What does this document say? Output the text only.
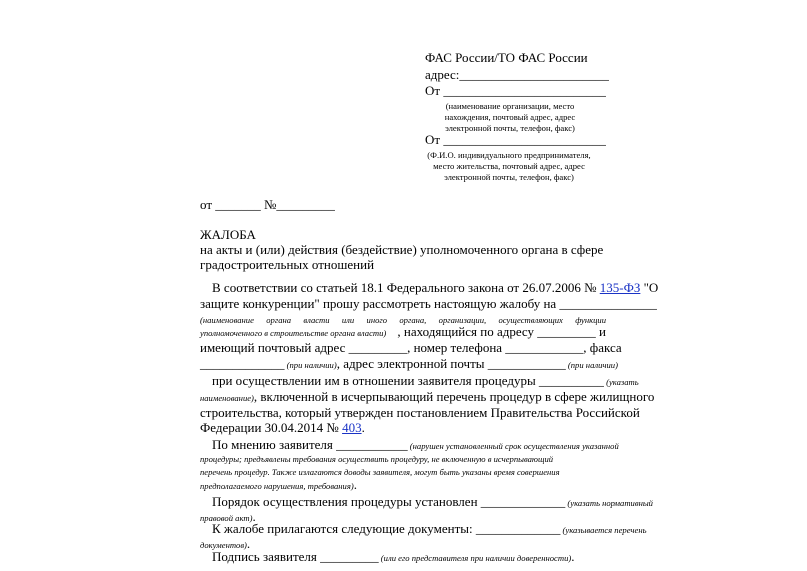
ФАС России/ТО ФАС России
адрес:_______________________
От _________________________
(наименование организации, место
нахождения, почтовый адрес, адрес
электронной почты, телефон, факс)
От _________________________
(Ф.И.О. индивидуального предпринимателя,
место жительства, почтовый адрес, адрес
электронной почты, телефон, факс)
от _______ №_________
ЖАЛОБА
на акты и (или) действия (бездействие) уполномоченного органа в сфере
градостроительных отношений
В соответствии со статьей 18.1 Федерального закона от 26.07.2006 № 135-ФЗ "О
защите конкуренции" прошу рассмотреть настоящую жалобу на _______________
(наименование органа власти или иного органа, организации, осуществляющих функции
уполномоченного в строительстве органа власти) , находящийся по адресу _________ и
имеющий почтовый адрес _________, номер телефона ____________, факса
_____________ (при наличии), адрес электронной почты ____________ (при наличии)
при осуществлении им в отношении заявителя процедуры __________ (указать
наименование), включенной в исчерпывающий перечень процедур в сфере жилищного
строительства, который утвержден постановлением Правительства Российской
Федерации 30.04.2014 № 403.
По мнению заявителя ___________ (нарушен установленный срок осуществления указанной
процедуры; предъявлены требования осуществить процедуру, не включенную в исчерпывающий
перечень процедур. Также излагаются доводы заявителя, могут быть указаны время совершения
предполагаемого нарушения, требования).
Порядок осуществления процедуры установлен _____________ (указать нормативный
правовой акт).
К жалобе прилагаются следующие документы: _____________ (указывается перечень
документов).
Подпись заявителя _________ (или его представителя при наличии доверенности).
